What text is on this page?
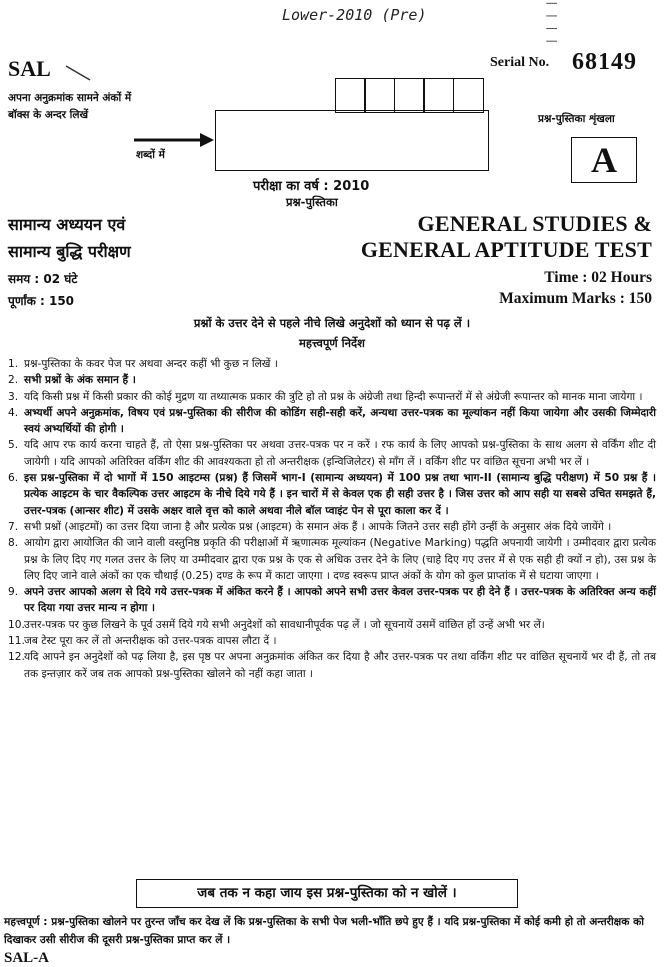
Lower-2010 (Pre)	||||
SAL
अपना अनुक्रमांक सामने अंकों में
बॉक्स के अन्दर लिखें
शब्दों में
Serial No. 68149
प्रश्न-पुस्तिका शृंखला
A
परीक्षा का वर्ष : 2010
प्रश्न-पुस्तिका
सामान्य अध्ययन एवं
सामान्य बुद्धि परीक्षण
GENERAL STUDIES &
GENERAL APTITUDE TEST
समय : 02 घंटे
पूर्णांक : 150
Time : 02 Hours
Maximum Marks : 150
प्रश्नों के उत्तर देने से पहले नीचे लिखे अनुदेशों को ध्यान से पढ़ लें ।
महत्त्वपूर्ण निर्देश
1. प्रश्न-पुस्तिका के कवर पेज पर अथवा अन्दर कहीं भी कुछ न लिखें ।
2. सभी प्रश्नों के अंक समान हैं ।
3. यदि किसी प्रश्न में किसी प्रकार की कोई मुद्रण या तथ्यात्मक प्रकार की त्रुटि हो तो प्रश्न के अंग्रेजी तथा हिन्दी रूपान्तरों में से अंग्रेजी रूपान्तर को मानक माना जायेगा ।
4. अभ्यर्थी अपने अनुक्रमांक, विषय एवं प्रश्न-पुस्तिका की सीरीज की कोडिंग सही-सही करें, अन्यथा उत्तर-पत्रक का मूल्यांकन नहीं किया जायेगा और उसकी जिम्मेदारी स्वयं अभ्यर्थियों की होगी ।
5. यदि आप रफ कार्य करना चाहते हैं, तो ऐसा प्रश्न-पुस्तिका पर अथवा उत्तर-पत्रक पर न करें । रफ कार्य के लिए आपको प्रश्न-पुस्तिका के साथ अलग से वर्किंग शीट दी जायेगी । यदि आपको अतिरिक्त वर्किंग शीट की आवश्यकता हो तो अन्तरीक्षक (इन्विजिलेटर) से माँग लें । वर्किंग शीट पर वांछित सूचना अभी भर लें ।
6. इस प्रश्न-पुस्तिका में दो भागों में 150 आइटम्स (प्रश्न) हैं जिसमें भाग-I (सामान्य अध्ययन) में 100 प्रश्न तथा भाग-II (सामान्य बुद्धि परीक्षण) में 50 प्रश्न हैं । प्रत्येक आइटम के चार वैकल्पिक उत्तर आइटम के नीचे दिये गये हैं । इन चारों में से केवल एक ही सही उत्तर है । जिस उत्तर को आप सही या सबसे उचित समझते हैं, उत्तर-पत्रक (आन्सर शीट) में उसके अक्षर वाले वृत्त को काले अथवा नीले बॉल प्वाइंट पेन से पूरा काला कर दें ।
7. सभी प्रश्नों (आइटमों) का उत्तर दिया जाना है और प्रत्येक प्रश्न (आइटम) के समान अंक हैं । आपके जितने उत्तर सही होंगे उन्हीं के अनुसार अंक दिये जायेंगे ।
8. आयोग द्वारा आयोजित की जाने वाली वस्तुनिष्ठ प्रकृति की परीक्षाओं में ऋणात्मक मूल्यांकन (Negative Marking) पद्धति अपनायी जायेगी । उम्मीदवार द्वारा प्रत्येक प्रश्न के लिए दिए गए गलत उत्तर के लिए या उम्मीदवार द्वारा एक प्रश्न के एक से अधिक उत्तर देने के लिए (चाहे दिए गए उत्तर में से एक सही ही क्यों न हो), उस प्रश्न के लिए दिए जाने वाले अंकों का एक चौथाई (0.25) दण्ड के रूप में काटा जाएगा । दण्ड स्वरूप प्राप्त अंकों के योग को कुल प्राप्तांक में से घटाया जाएगा ।
9. अपने उत्तर आपको अलग से दिये गये उत्तर-पत्रक में अंकित करने हैं । आपको अपने सभी उत्तर केवल उत्तर-पत्रक पर ही देने हैं । उत्तर-पत्रक के अतिरिक्त अन्य कहीं पर दिया गया उत्तर मान्य न होगा ।
10. उत्तर-पत्रक पर कुछ लिखने के पूर्व उसमें दिये गये सभी अनुदेशों को सावधानीपूर्वक पढ़ लें । जो सूचनायें उसमें वांछित हों उन्हें अभी भर लें।
11. जब टेस्ट पूरा कर लें तो अन्तरीक्षक को उत्तर-पत्रक वापस लौटा दें ।
12. यदि आपने इन अनुदेशों को पढ़ लिया है, इस पृष्ठ पर अपना अनुक्रमांक अंकित कर दिया है और उत्तर-पत्रक पर तथा वर्किंग शीट पर वांछित सूचनायें भर दी हैं, तो तब तक इन्तज़ार करें जब तक आपको प्रश्न-पुस्तिका खोलने को नहीं कहा जाता ।
जब तक न कहा जाय इस प्रश्न-पुस्तिका को न खोलें ।
महत्त्वपूर्ण : प्रश्न-पुस्तिका खोलने पर तुरन्त जाँच कर देख लें कि प्रश्न-पुस्तिका के सभी पेज भली-भाँति छपे हुए हैं । यदि प्रश्न-पुस्तिका में कोई कमी हो तो अन्तरीक्षक को दिखाकर उसी सीरीज की दूसरी प्रश्न-पुस्तिका प्राप्त कर लें ।
SAL-A
